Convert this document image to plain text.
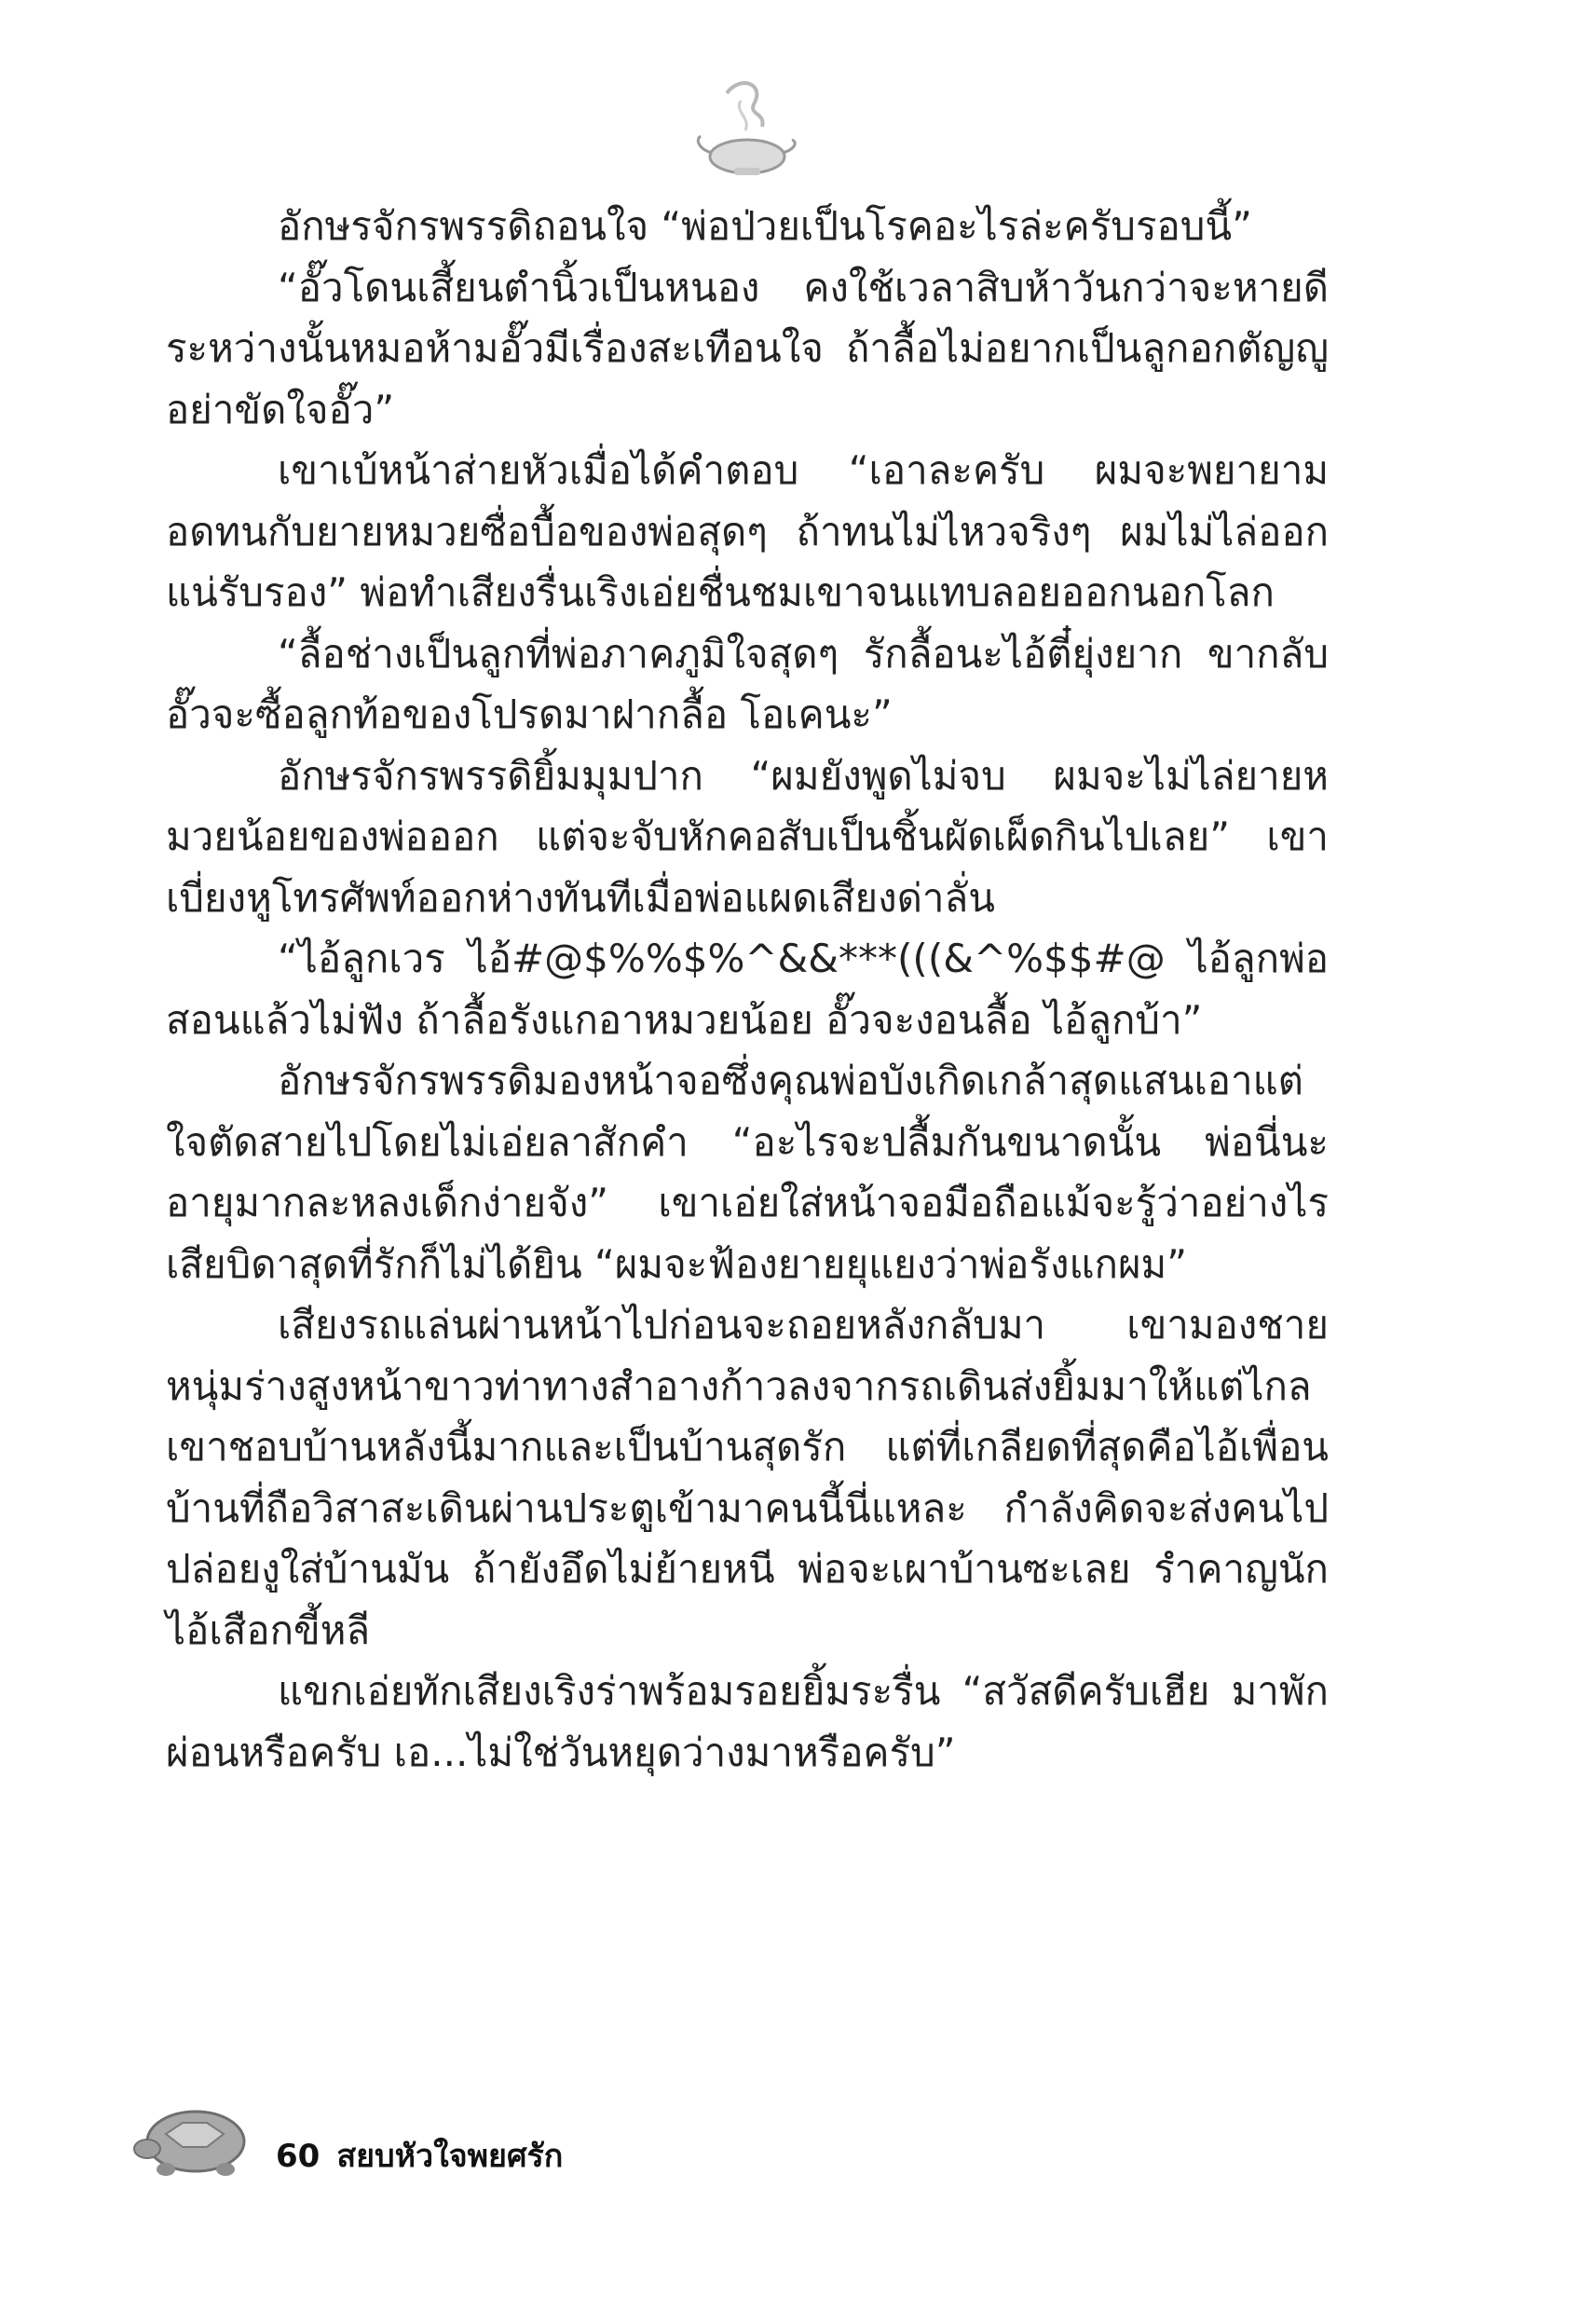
อักษรจักรพรรดิถอนใจ “พ่อป่วยเป็นโรคอะไรล่ะครับรอบนี้”

“อั๊วโดนเสี้ยนตำนิ้วเป็นหนอง คงใช้เวลาสิบห้าวันกว่าจะหายดี ระหว่างนั้นหมอห้ามอั๊วมีเรื่องสะเทือนใจ ถ้าลื้อไม่อยากเป็นลูกอกตัญญู อย่าขัดใจอั๊ว”

เขาเบ้หน้าส่ายหัวเมื่อได้คำตอบ “เอาละครับ ผมจะพยายามอดทนกับยายหมวยซื่อบื้อของพ่อสุดๆ ถ้าทนไม่ไหวจริงๆ ผมไม่ไล่ออกแน่รับรอง” พ่อทำเสียงรื่นเริงเอ่ยชื่นชมเขาจนแทบลอยออกนอกโลก

“ลื้อช่างเป็นลูกที่พ่อภาคภูมิใจสุดๆ รักลื้อนะไอ้ตี๋ยุ่งยาก ขากลับอั๊วจะซื้อลูกท้อของโปรดมาฝากลื้อ โอเคนะ”

อักษรจักรพรรดิยิ้มมุมปาก “ผมยังพูดไม่จบ ผมจะไม่ไล่ยายหมวยน้อยของพ่อออก แต่จะจับหักคอสับเป็นชิ้นผัดเผ็ดกินไปเลย” เขาเบี่ยงหูโทรศัพท์ออกห่างทันทีเมื่อพ่อแผดเสียงด่าลั่น

“ไอ้ลูกเวร ไอ้#@$%%$%^&&***(((&^%$$#@ ไอ้ลูกพ่อสอนแล้วไม่ฟัง ถ้าลื้อรังแกอาหมวยน้อย อั๊วจะงอนลื้อ ไอ้ลูกบ้า”

อักษรจักรพรรดิมองหน้าจอซึ่งคุณพ่อบังเกิดเกล้าสุดแสนเอาแต่ใจตัดสายไปโดยไม่เอ่ยลาสักคำ “อะไรจะปลื้มกันขนาดนั้น พ่อนี่นะอายุมากละหลงเด็กง่ายจัง” เขาเอ่ยใส่หน้าจอมือถือแม้จะรู้ว่าอย่างไรเสียบิดาสุดที่รักก็ไม่ได้ยิน “ผมจะฟ้องยายยุแยงว่าพ่อรังแกผม”

เสียงรถแล่นผ่านหน้าไปก่อนจะถอยหลังกลับมา เขามองชายหนุ่มร่างสูงหน้าขาวท่าทางสำอางก้าวลงจากรถเดินส่งยิ้มมาให้แต่ไกล เขาชอบบ้านหลังนี้มากและเป็นบ้านสุดรัก แต่ที่เกลียดที่สุดคือไอ้เพื่อนบ้านที่ถือวิสาสะเดินผ่านประตูเข้ามาคนนี้นี่แหละ กำลังคิดจะส่งคนไปปล่อยงูใส่บ้านมัน ถ้ายังอึดไม่ย้ายหนี พ่อจะเผาบ้านซะเลย รำคาญนักไอ้เสือกขี้หลี

แขกเอ่ยทักเสียงเริงร่าพร้อมรอยยิ้มระรื่น “สวัสดีครับเฮีย มาพักผ่อนหรือครับ เอ...ไม่ใช่วันหยุดว่างมาหรือครับ”

60 สยบหัวใจพยศรัก
